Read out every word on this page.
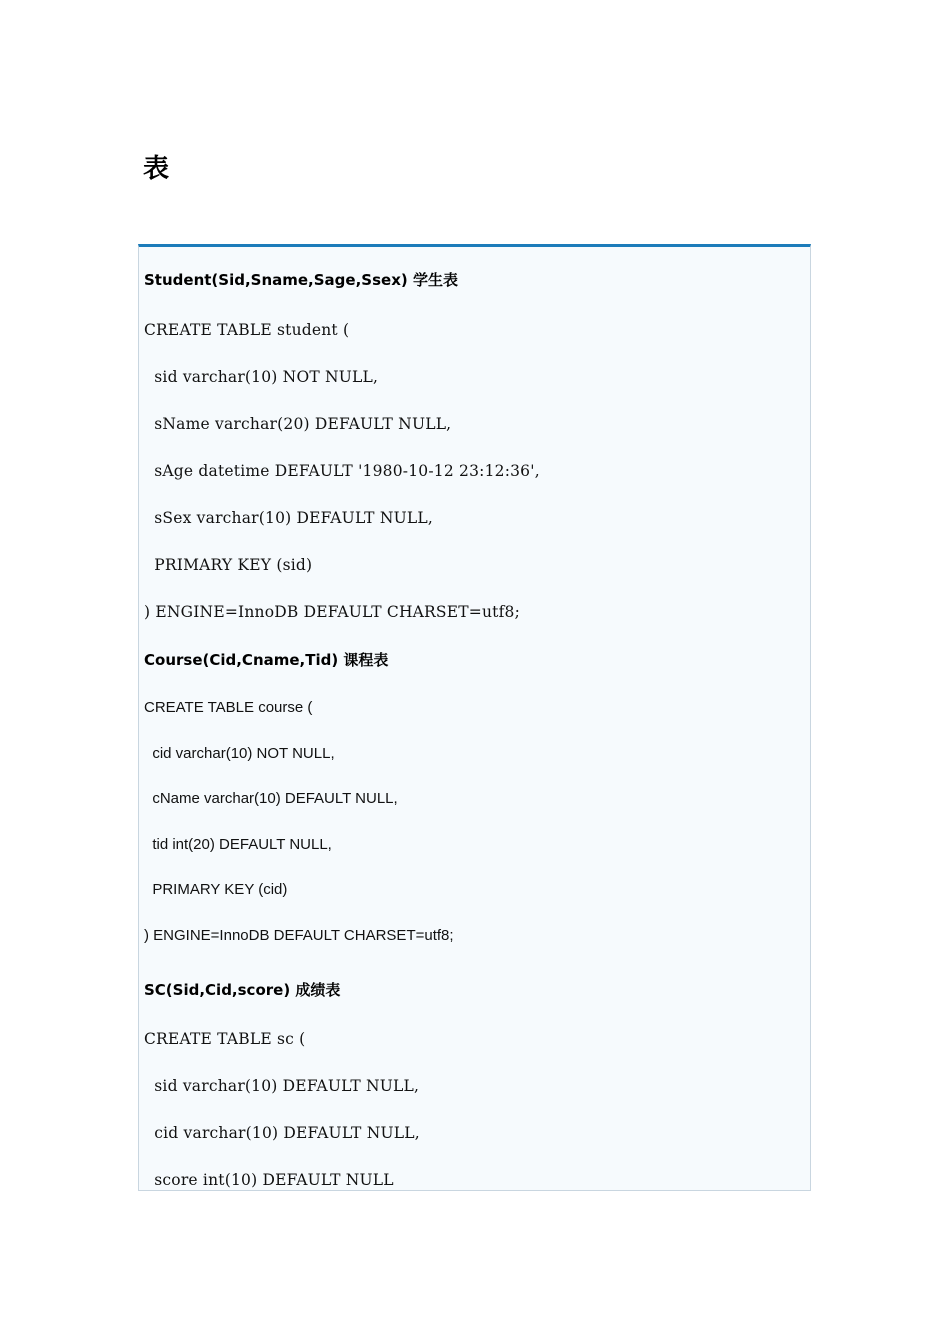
表
Student(Sid,Sname,Sage,Ssex) 学生表
CREATE TABLE student (
sid varchar(10) NOT NULL,
sName varchar(20) DEFAULT NULL,
sAge datetime DEFAULT '1980-10-12 23:12:36',
sSex varchar(10) DEFAULT NULL,
PRIMARY KEY (sid)
) ENGINE=InnoDB DEFAULT CHARSET=utf8;
Course(Cid,Cname,Tid) 课程表
CREATE TABLE course (
cid varchar(10) NOT NULL,
cName varchar(10) DEFAULT NULL,
tid int(20) DEFAULT NULL,
PRIMARY KEY (cid)
) ENGINE=InnoDB DEFAULT CHARSET=utf8;
SC(Sid,Cid,score) 成绩表
CREATE TABLE sc (
sid varchar(10) DEFAULT NULL,
cid varchar(10) DEFAULT NULL,
score int(10) DEFAULT NULL
